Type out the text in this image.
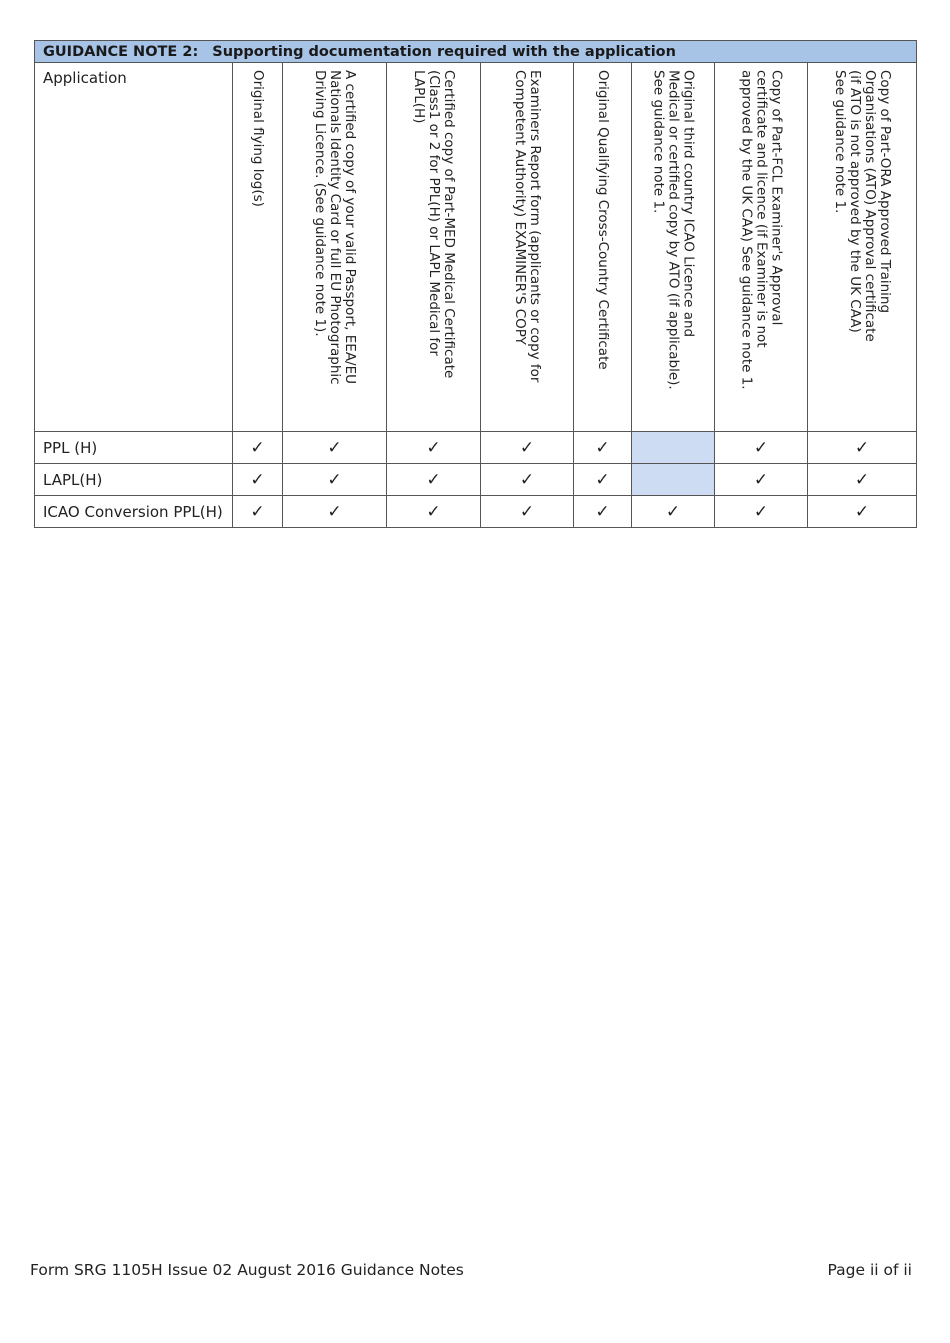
GUIDANCE NOTE 2: Supporting documentation required with the application								
Application	Original flying log(s)	A certified copy of your valid Passport, EEA/EU
Nationals Identity Card or full EU Photographic
Driving Licence. (See guidance note 1).	Certified copy of Part-MED Medical Certificate
(Class1 or 2 for PPL(H) or LAPL Medical for
LAPL(H)	Examiners Report form (applicants or copy for
Competent Authority) EXAMINER'S COPY	Original Qualifying Cross-Country Certificate	Original third country ICAO Licence and
Medical or certified copy by ATO (if applicable).
See guidance note 1.	Copy of Part-FCL Examiner's Approval
certificate and licence (if Examiner is not
approved by the UK CAA) See guidance note 1.	Copy of Part-ORA Approved Training
Organisations (ATO) Approval certificate
(if ATO is not approved by the UK CAA)
See guidance note 1.

PPL (H)	✓	✓	✓	✓	✓		✓	✓
LAPL(H)	✓	✓	✓	✓	✓		✓	✓
ICAO Conversion PPL(H)	✓	✓	✓	✓	✓	✓	✓	✓
Form SRG 1105H Issue 02 August 2016 Guidance Notes	Page ii of ii
